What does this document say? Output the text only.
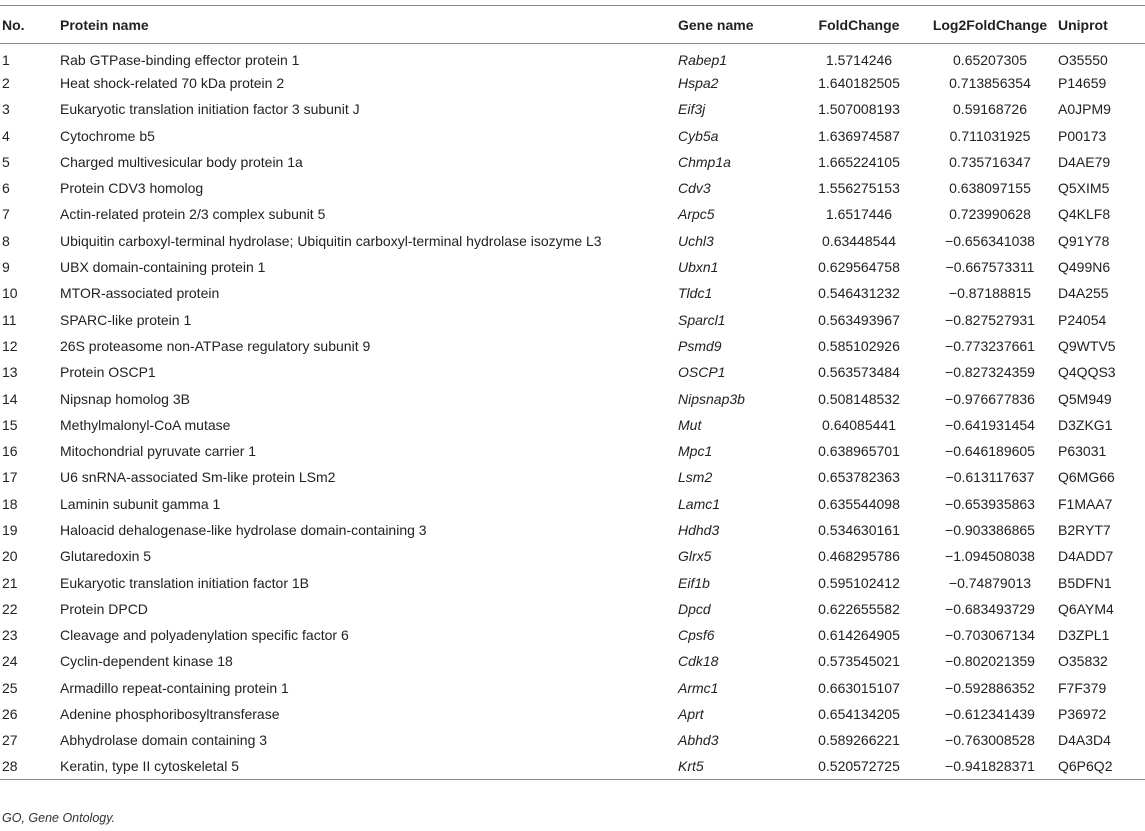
No.	Protein name	Gene name	FoldChange	Log2FoldChange	Uniprot
1	Rab GTPase-binding effector protein 1	Rabep1	1.5714246	0.65207305	O35550
2	Heat shock-related 70 kDa protein 2	Hspa2	1.640182505	0.713856354	P14659
3	Eukaryotic translation initiation factor 3 subunit J	Eif3j	1.507008193	0.59168726	A0JPM9
4	Cytochrome b5	Cyb5a	1.636974587	0.711031925	P00173
5	Charged multivesicular body protein 1a	Chmp1a	1.665224105	0.735716347	D4AE79
6	Protein CDV3 homolog	Cdv3	1.556275153	0.638097155	Q5XIM5
7	Actin-related protein 2/3 complex subunit 5	Arpc5	1.6517446	0.723990628	Q4KLF8
8	Ubiquitin carboxyl-terminal hydrolase; Ubiquitin carboxyl-terminal hydrolase isozyme L3	Uchl3	0.63448544	−0.656341038	Q91Y78
9	UBX domain-containing protein 1	Ubxn1	0.629564758	−0.667573311	Q499N6
10	MTOR-associated protein	Tldc1	0.546431232	−0.87188815	D4A255
11	SPARC-like protein 1	Sparcl1	0.563493967	−0.827527931	P24054
12	26S proteasome non-ATPase regulatory subunit 9	Psmd9	0.585102926	−0.773237661	Q9WTV5
13	Protein OSCP1	OSCP1	0.563573484	−0.827324359	Q4QQS3
14	Nipsnap homolog 3B	Nipsnap3b	0.508148532	−0.976677836	Q5M949
15	Methylmalonyl-CoA mutase	Mut	0.64085441	−0.641931454	D3ZKG1
16	Mitochondrial pyruvate carrier 1	Mpc1	0.638965701	−0.646189605	P63031
17	U6 snRNA-associated Sm-like protein LSm2	Lsm2	0.653782363	−0.613117637	Q6MG66
18	Laminin subunit gamma 1	Lamc1	0.635544098	−0.653935863	F1MAA7
19	Haloacid dehalogenase-like hydrolase domain-containing 3	Hdhd3	0.534630161	−0.903386865	B2RYT7
20	Glutaredoxin 5	Glrx5	0.468295786	−1.094508038	D4ADD7
21	Eukaryotic translation initiation factor 1B	Eif1b	0.595102412	−0.74879013	B5DFN1
22	Protein DPCD	Dpcd	0.622655582	−0.683493729	Q6AYM4
23	Cleavage and polyadenylation specific factor 6	Cpsf6	0.614264905	−0.703067134	D3ZPL1
24	Cyclin-dependent kinase 18	Cdk18	0.573545021	−0.802021359	O35832
25	Armadillo repeat-containing protein 1	Armc1	0.663015107	−0.592886352	F7F379
26	Adenine phosphoribosyltransferase	Aprt	0.654134205	−0.612341439	P36972
27	Abhydrolase domain containing 3	Abhd3	0.589266221	−0.763008528	D4A3D4
28	Keratin, type II cytoskeletal 5	Krt5	0.520572725	−0.941828371	Q6P6Q2
GO, Gene Ontology.
